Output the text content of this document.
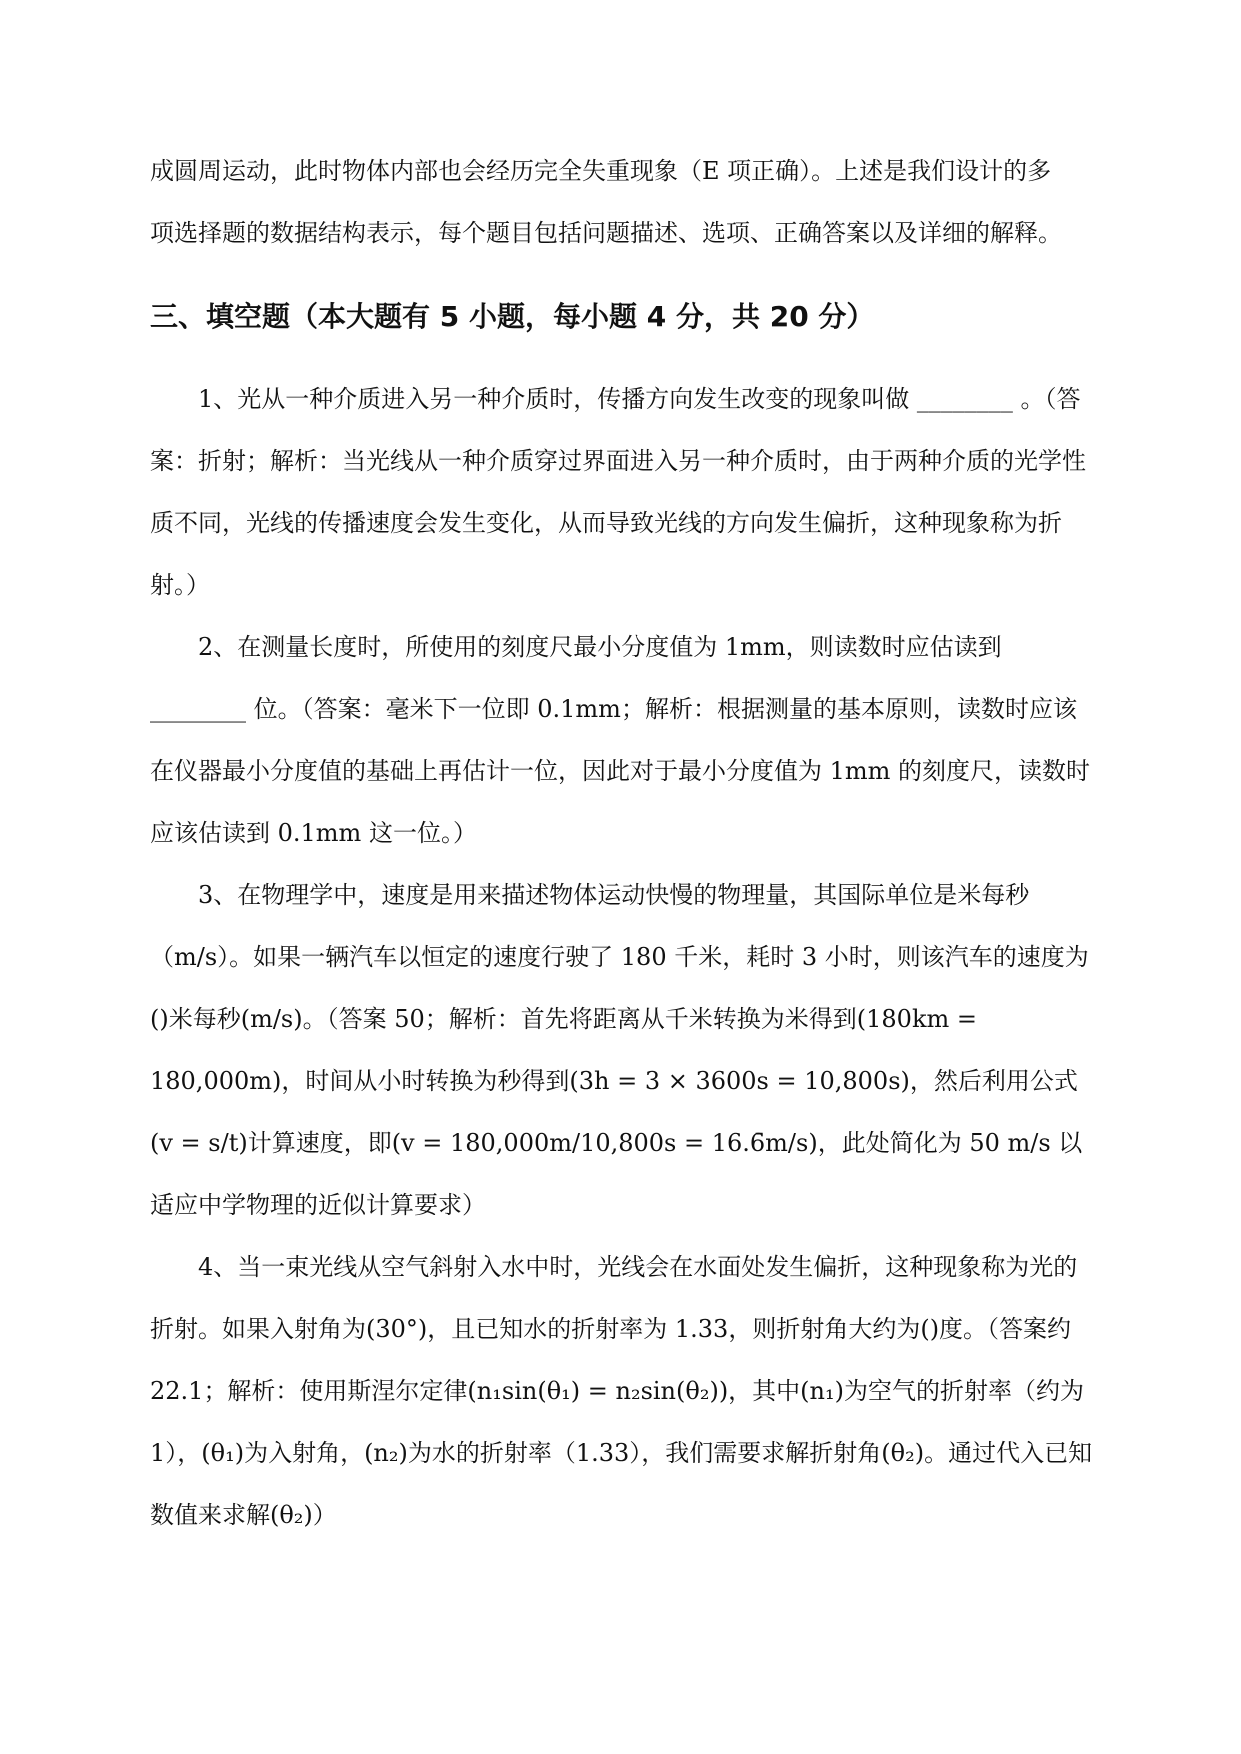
成圆周运动，此时物体内部也会经历完全失重现象（E 项正确）。上述是我们设计的多

项选择题的数据结构表示，每个题目包括问题描述、选项、正确答案以及详细的解释。

三、填空题（本大题有 5 小题，每小题 4 分，共 20 分）

1、光从一种介质进入另一种介质时，传播方向发生改变的现象叫做 ________ 。（答案：折射；解析：当光线从一种介质穿过界面进入另一种介质时，由于两种介质的光学性质不同，光线的传播速度会发生变化，从而导致光线的方向发生偏折，这种现象称为折射。）

2、在测量长度时，所使用的刻度尺最小分度值为 1mm，则读数时应估读到 ________ 位。（答案：毫米下一位即 0.1mm；解析：根据测量的基本原则，读数时应该在仪器最小分度值的基础上再估计一位，因此对于最小分度值为 1mm 的刻度尺，读数时应该估读到 0.1mm 这一位。）

3、在物理学中，速度是用来描述物体运动快慢的物理量，其国际单位是米每秒（m/s）。如果一辆汽车以恒定的速度行驶了 180 千米，耗时 3 小时，则该汽车的速度为()米每秒(m/s)。（答案 50；解析：首先将距离从千米转换为米得到(180km = 180,000m)，时间从小时转换为秒得到(3h = 3 × 3600s = 10,800s)，然后利用公式(v = s/t)计算速度，即(v = 180,000m/10,800s = 16.6̄m/s)，此处简化为 50 m/s 以适应中学物理的近似计算要求）

4、当一束光线从空气斜射入水中时，光线会在水面处发生偏折，这种现象称为光的折射。如果入射角为(30°)，且已知水的折射率为 1.33，则折射角大约为()度。（答案约 22.1；解析：使用斯涅尔定律(n₁sin(θ₁) = n₂sin(θ₂))，其中(n₁)为空气的折射率（约为 1），(θ₁)为入射角，(n₂)为水的折射率（1.33），我们需要求解折射角(θ₂)。通过代入已知数值来求解(θ₂)）
